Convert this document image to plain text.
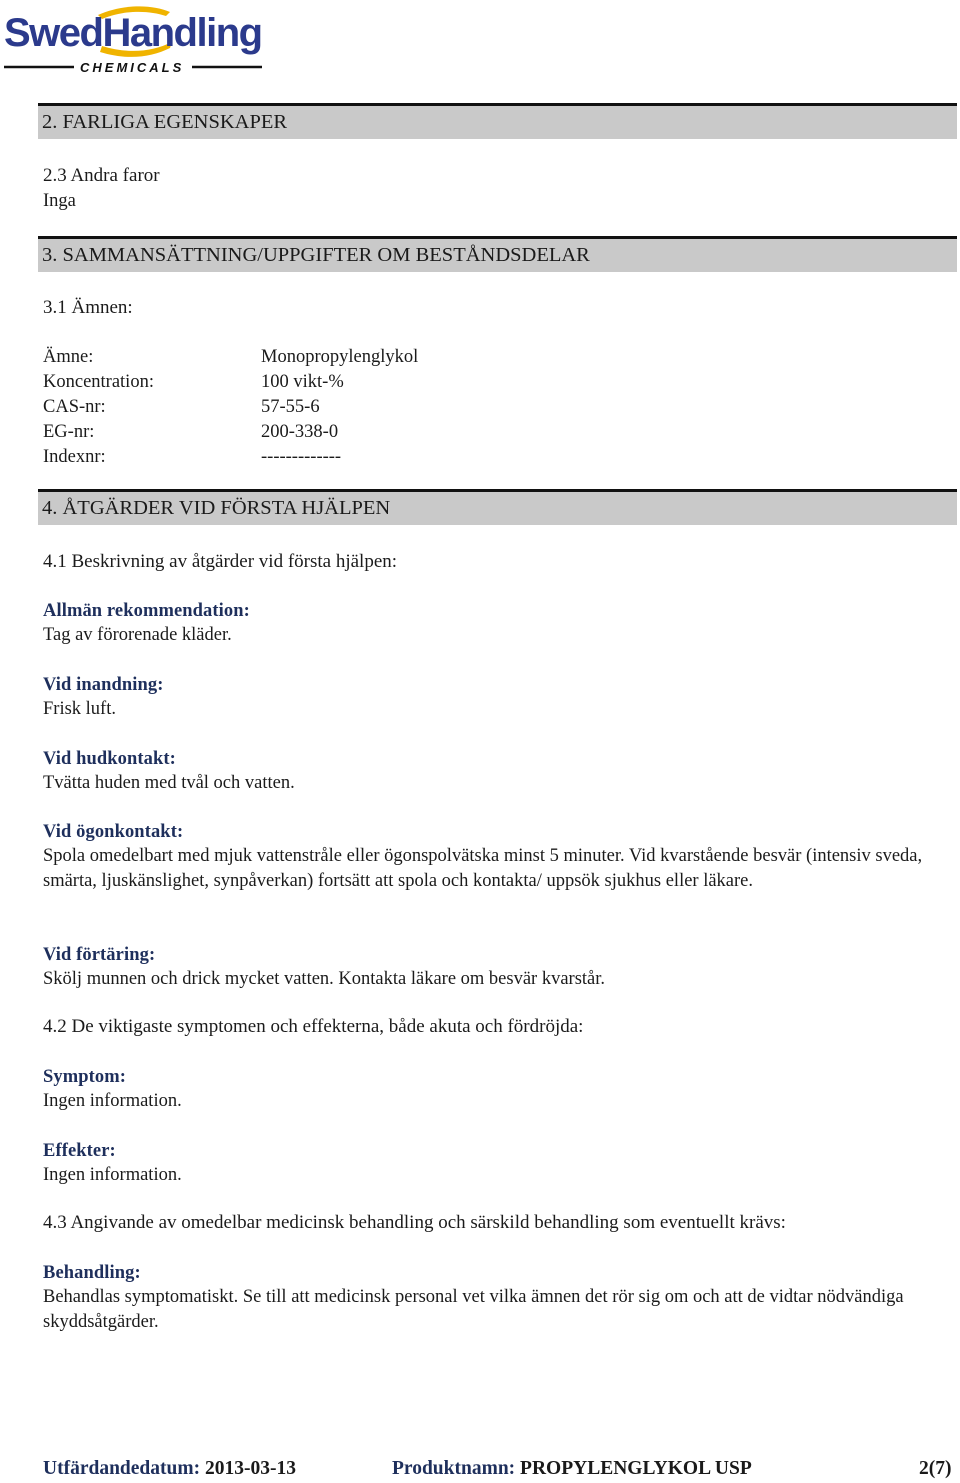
SwedHandling
CHEMICALS
2. FARLIGA EGENSKAPER
2.3 Andra faror
Inga
3. SAMMANSÄTTNING/UPPGIFTER OM BESTÅNDSDELAR
3.1 Ämnen:
Ämne:	Monopropylenglykol
Koncentration:	100 vikt-%
CAS-nr:	57-55-6
EG-nr:	200-338-0
Indexnr:	-------------
4. ÅTGÄRDER VID FÖRSTA HJÄLPEN
4.1 Beskrivning av åtgärder vid första hjälpen:
Allmän rekommendation:
Tag av förorenade kläder.
Vid inandning:
Frisk luft.
Vid hudkontakt:
Tvätta huden med tvål och vatten.
Vid ögonkontakt:
Spola omedelbart med mjuk vattenstråle eller ögonspolvätska minst 5 minuter. Vid kvarstående besvär (intensiv sveda, smärta, ljuskänslighet, synpåverkan) fortsätt att spola och kontakta/ uppsök sjukhus eller läkare.
Vid förtäring:
Skölj munnen och drick mycket vatten. Kontakta läkare om besvär kvarstår.
4.2 De viktigaste symptomen och effekterna, både akuta och fördröjda:
Symptom:
Ingen information.
Effekter:
Ingen information.
4.3 Angivande av omedelbar medicinsk behandling och särskild behandling som eventuellt krävs:
Behandling:
Behandlas symptomatiskt. Se till att medicinsk personal vet vilka ämnen det rör sig om och att de vidtar nödvändiga skyddsåtgärder.
Utfärdandedatum: 2013-03-13	Produktnamn: PROPYLENGLYKOL USP	2(7)
